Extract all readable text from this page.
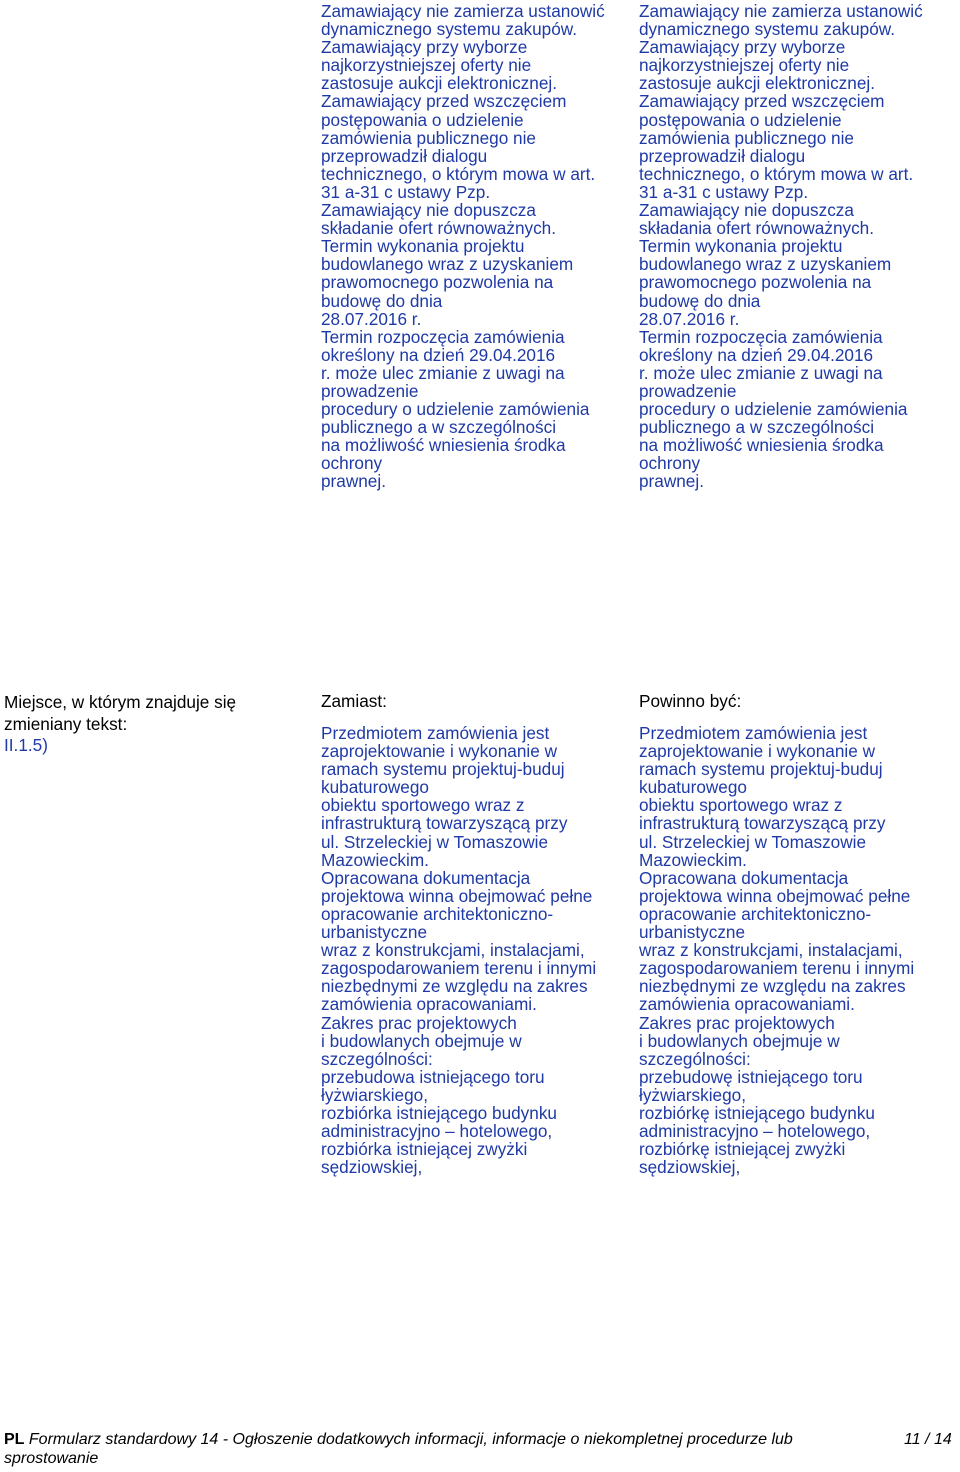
Zamawiający nie zamierza ustanowić
dynamicznego systemu zakupów.
Zamawiający przy wyborze
najkorzystniejszej oferty nie
zastosuje aukcji elektronicznej.
Zamawiający przed wszczęciem
postępowania o udzielenie
zamówienia publicznego nie
przeprowadził dialogu
technicznego, o którym mowa w art.
31 a-31 c ustawy Pzp.
Zamawiający nie dopuszcza
składanie ofert równoważnych.
Termin wykonania projektu
budowlanego wraz z uzyskaniem
prawomocnego pozwolenia na
budowę do dnia
28.07.2016 r.
Termin rozpoczęcia zamówienia
określony na dzień 29.04.2016
r. może ulec zmianie z uwagi na
prowadzenie
procedury o udzielenie zamówienia
publicznego a w szczególności
na możliwość wniesienia środka
ochrony
prawnej.
Zamawiający nie zamierza ustanowić
dynamicznego systemu zakupów.
Zamawiający przy wyborze
najkorzystniejszej oferty nie
zastosuje aukcji elektronicznej.
Zamawiający przed wszczęciem
postępowania o udzielenie
zamówienia publicznego nie
przeprowadził dialogu
technicznego, o którym mowa w art.
31 a-31 c ustawy Pzp.
Zamawiający nie dopuszcza
składania ofert równoważnych.
Termin wykonania projektu
budowlanego wraz z uzyskaniem
prawomocnego pozwolenia na
budowę do dnia
28.07.2016 r.
Termin rozpoczęcia zamówienia
określony na dzień 29.04.2016
r. może ulec zmianie z uwagi na
prowadzenie
procedury o udzielenie zamówienia
publicznego a w szczególności
na możliwość wniesienia środka
ochrony
prawnej.
Miejsce, w którym znajduje się
zmieniany tekst:
II.1.5)
Zamiast:	Powinno być:
Przedmiotem zamówienia jest
zaprojektowanie i wykonanie w
ramach systemu projektuj-buduj
kubaturowego
obiektu sportowego wraz z
infrastrukturą towarzyszącą przy
ul. Strzeleckiej w Tomaszowie
Mazowieckim.
Opracowana dokumentacja
projektowa winna obejmować pełne
opracowanie architektoniczno-
urbanistyczne
wraz z konstrukcjami, instalacjami,
zagospodarowaniem terenu i innymi
niezbędnymi ze względu na zakres
zamówienia opracowaniami.
Zakres prac projektowych
i budowlanych obejmuje w
szczególności:
przebudowa istniejącego toru
łyżwiarskiego,
rozbiórka istniejącego budynku
administracyjno – hotelowego,
rozbiórka istniejącej zwyżki
sędziowskiej,
Przedmiotem zamówienia jest
zaprojektowanie i wykonanie w
ramach systemu projektuj-buduj
kubaturowego
obiektu sportowego wraz z
infrastrukturą towarzyszącą przy
ul. Strzeleckiej w Tomaszowie
Mazowieckim.
Opracowana dokumentacja
projektowa winna obejmować pełne
opracowanie architektoniczno-
urbanistyczne
wraz z konstrukcjami, instalacjami,
zagospodarowaniem terenu i innymi
niezbędnymi ze względu na zakres
zamówienia opracowaniami.
Zakres prac projektowych
i budowlanych obejmuje w
szczególności:
przebudowę istniejącego toru
łyżwiarskiego,
rozbiórkę istniejącego budynku
administracyjno – hotelowego,
rozbiórkę istniejącej zwyżki
sędziowskiej,
PL Formularz standardowy 14 - Ogłoszenie dodatkowych informacji, informacje o niekompletnej procedurze lub
sprostowanie
11 / 14
